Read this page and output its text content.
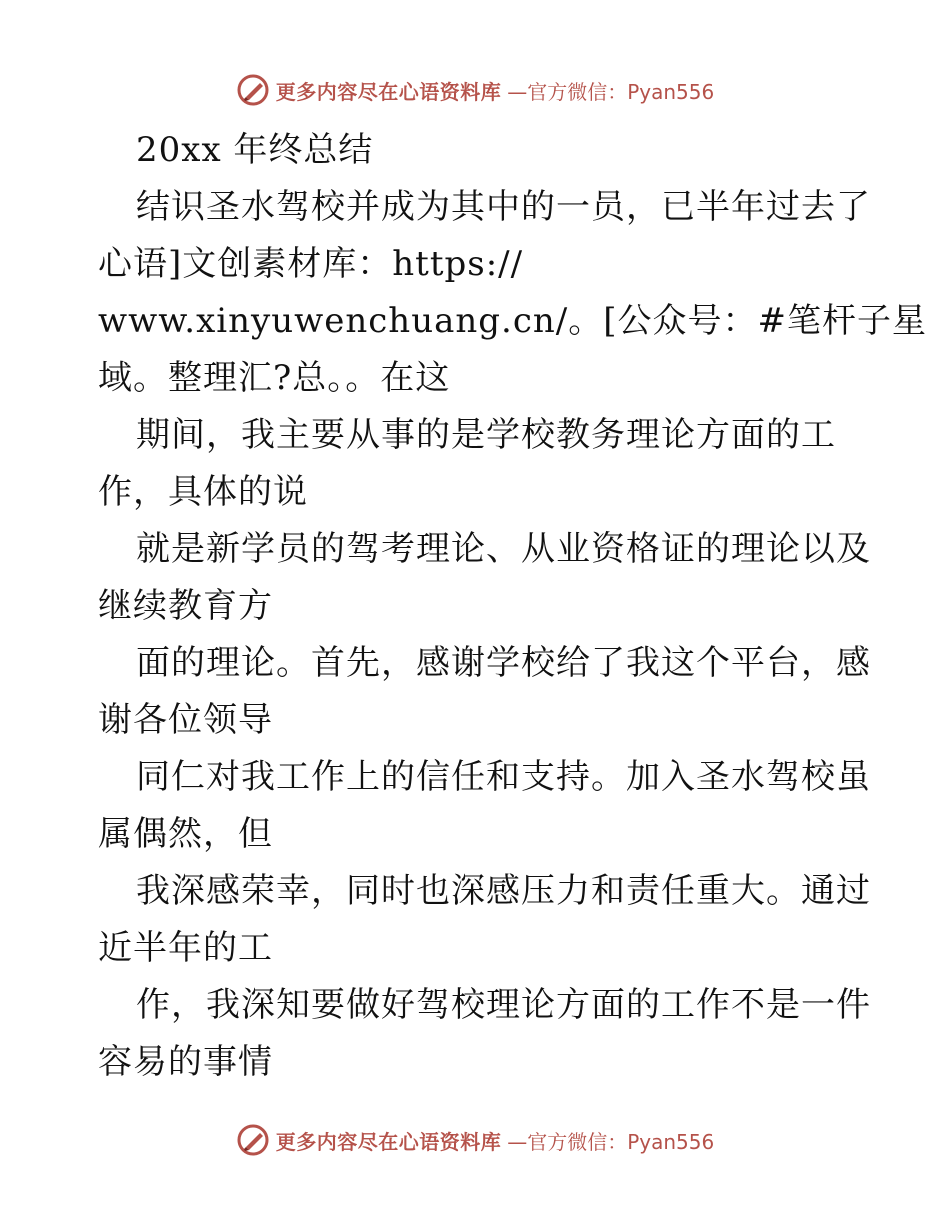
更多内容尽在心语资料库 —官方微信：Pyan556
20xx 年终总结
结识圣水驾校并成为其中的一员，已半年过去了
心语]文创素材库：https://
www.xinyuwenchuang.cn/。[公众号：#笔杆子星
域。整理汇?总。。在这
期间，我主要从事的是学校教务理论方面的工
作，具体的说
就是新学员的驾考理论、从业资格证的理论以及
继续教育方
面的理论。首先，感谢学校给了我这个平台，感
谢各位领导
同仁对我工作上的信任和支持。加入圣水驾校虽
属偶然，但
我深感荣幸，同时也深感压力和责任重大。通过
近半年的工
作，我深知要做好驾校理论方面的工作不是一件
容易的事情
更多内容尽在心语资料库 —官方微信：Pyan556
